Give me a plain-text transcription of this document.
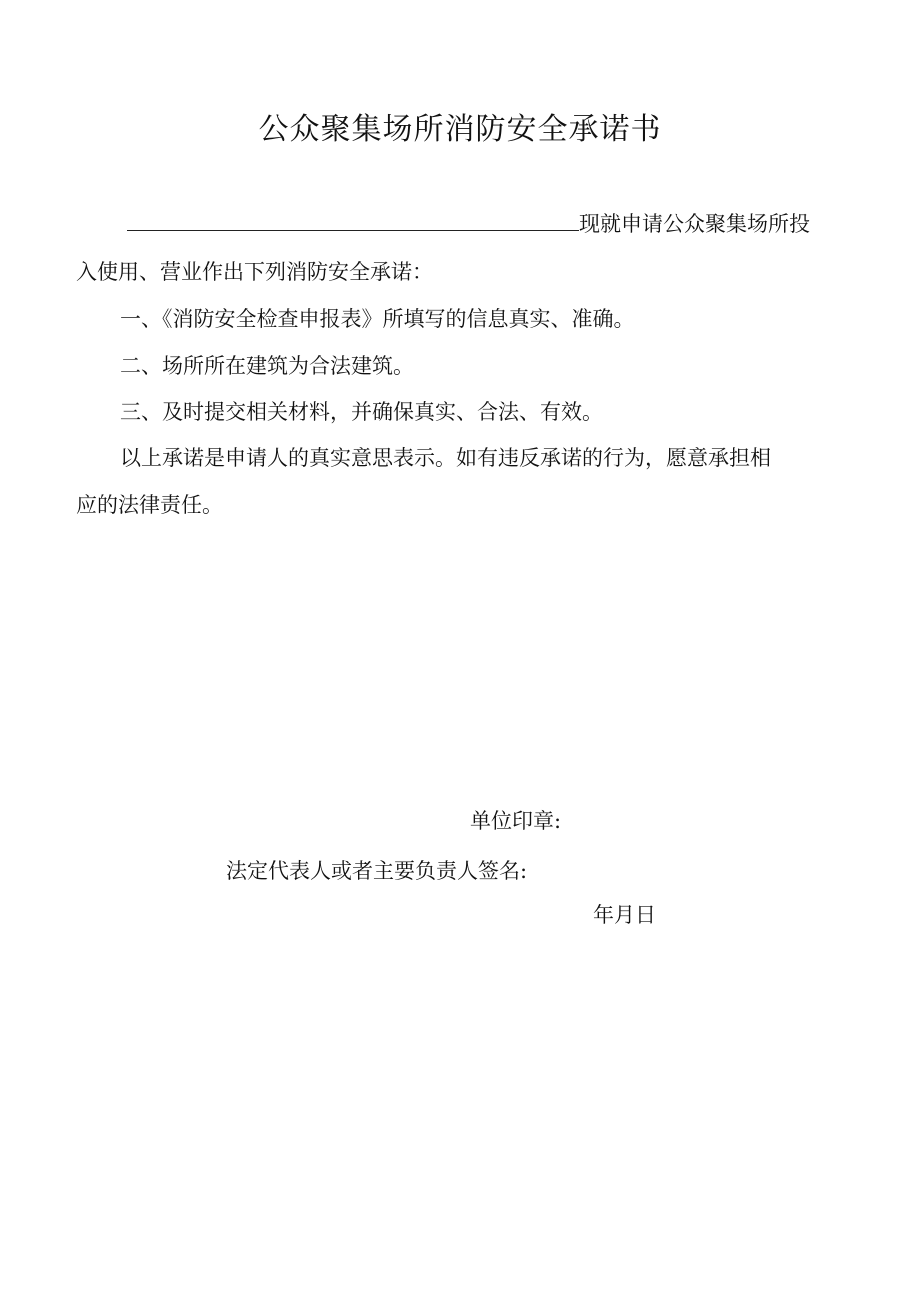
公众聚集场所消防安全承诺书
现就申请公众聚集场所投
入使用、营业作出下列消防安全承诺：
一、《消防安全检查申报表》所填写的信息真实、准确。
二、场所所在建筑为合法建筑。
三、及时提交相关材料，并确保真实、合法、有效。
以上承诺是申请人的真实意思表示。如有违反承诺的行为，愿意承担相
应的法律责任。
单位印章:
法定代表人或者主要负责人签名:
年月日
